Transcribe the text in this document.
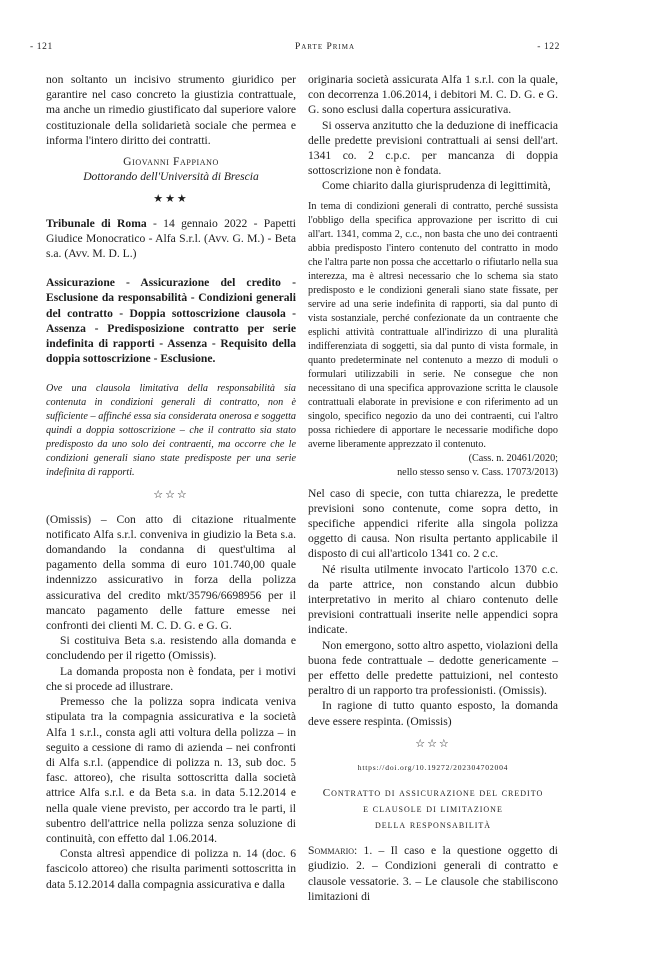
- 121	Parte Prima	- 122

non soltanto un incisivo strumento giuridico per garantire nel caso concreto la giustizia contrattuale, ma anche un rimedio giustificato dal superiore valore costituzionale della solidarietà sociale che permea e informa l'intero diritto dei contratti.

Giovanni Fappiano

Dottorando dell'Università di Brescia

★★★

Tribunale di Roma - 14 gennaio 2022 - Papetti Giudice Monocratico - Alfa S.r.l. (Avv. G. M.) - Beta s.a. (Avv. M. D. L.)

Assicurazione - Assicurazione del credito - Esclusione da responsabilità - Condizioni generali del contratto - Doppia sottoscrizione clausola - Assenza - Predisposizione contratto per serie indefinita di rapporti - Assenza - Requisito della doppia sottoscrizione - Esclusione.

Ove una clausola limitativa della responsabilità sia contenuta in condizioni generali di contratto, non è sufficiente – affinché essa sia considerata onerosa e soggetta quindi a doppia sottoscrizione – che il contratto sia stato predisposto da uno solo dei contraenti, ma occorre che le condizioni generali siano state predisposte per una serie indefinita di rapporti.

☆☆☆

(Omissis) – Con atto di citazione ritualmente notificato Alfa s.r.l. conveniva in giudizio la Beta s.a. domandando la condanna di quest'ultima al pagamento della somma di euro 101.740,00 quale indennizzo assicurativo in forza della polizza assicurativa del credito mkt/35796/6698956 per il mancato pagamento delle fatture emesse nei confronti dei clienti M. C. D. G. e G. G.

Si costituiva Beta s.a. resistendo alla domanda e concludendo per il rigetto (Omissis).

La domanda proposta non è fondata, per i motivi che si procede ad illustrare.

Premesso che la polizza sopra indicata veniva stipulata tra la compagnia assicurativa e la società Alfa 1 s.r.l., consta agli atti voltura della polizza – in seguito a cessione di ramo di azienda – nei confronti di Alfa s.r.l. (appendice di polizza n. 13, sub doc. 5 fasc. attoreo), che risulta sottoscritta dalla società attrice Alfa s.r.l. e da Beta s.a. in data 5.12.2014 e nella quale viene previsto, per accordo tra le parti, il subentro dell'attrice nella polizza senza soluzione di continuità, con effetto dal 1.06.2014.

Consta altresì appendice di polizza n. 14 (doc. 6 fascicolo attoreo) che risulta parimenti sottoscritta in data 5.12.2014 dalla compagnia assicurativa e dalla

originaria società assicurata Alfa 1 s.r.l. con la quale, con decorrenza 1.06.2014, i debitori M. C. D. G. e G. G. sono esclusi dalla copertura assicurativa.

Si osserva anzitutto che la deduzione di inefficacia delle predette previsioni contrattuali ai sensi dell'art. 1341 co. 2 c.p.c. per mancanza di doppia sottoscrizione non è fondata.

Come chiarito dalla giurisprudenza di legittimità,

In tema di condizioni generali di contratto, perché sussista l'obbligo della specifica approvazione per iscritto di cui all'art. 1341, comma 2, c.c., non basta che uno dei contraenti abbia predisposto l'intero contenuto del contratto in modo che l'altra parte non possa che accettarlo o rifiutarlo nella sua interezza, ma è altresì necessario che lo schema sia stato predisposto e le condizioni generali siano state fissate, per servire ad una serie indefinita di rapporti, sia dal punto di vista sostanziale, perché confezionate da un contraente che esplichi attività contrattuale all'indirizzo di una pluralità indifferenziata di soggetti, sia dal punto di vista formale, in quanto predeterminate nel contenuto a mezzo di moduli o formulari utilizzabili in serie. Ne consegue che non necessitano di una specifica approvazione scritta le clausole contrattuali elaborate in previsione e con riferimento ad un singolo, specifico negozio da uno dei contraenti, cui l'altro possa richiedere di apportare le necessarie modifiche dopo averne liberamente apprezzato il contenuto.

(Cass. n. 20461/2020;

nello stesso senso v. Cass. 17073/2013)

Nel caso di specie, con tutta chiarezza, le predette previsioni sono contenute, come sopra detto, in specifiche appendici riferite alla singola polizza oggetto di causa. Non risulta pertanto applicabile il disposto di cui all'articolo 1341 co. 2 c.c.

Né risulta utilmente invocato l'articolo 1370 c.c. da parte attrice, non constando alcun dubbio interpretativo in merito al chiaro contenuto delle previsioni contrattuali inserite nelle appendici sopra indicate.

Non emergono, sotto altro aspetto, violazioni della buona fede contrattuale – dedotte genericamente – per effetto delle predette pattuizioni, nel contesto peraltro di un rapporto tra professionisti. (Omissis).

In ragione di tutto quanto esposto, la domanda deve essere respinta. (Omissis)

☆☆☆

https://doi.org/10.19272/202304702004

Contratto di assicurazione del credito
e clausole di limitazione
della responsabilità

Sommario: 1. – Il caso e la questione oggetto di giudizio. 2. – Condizioni generali di contratto e clausole vessatorie. 3. – Le clausole che stabiliscono limitazioni di
